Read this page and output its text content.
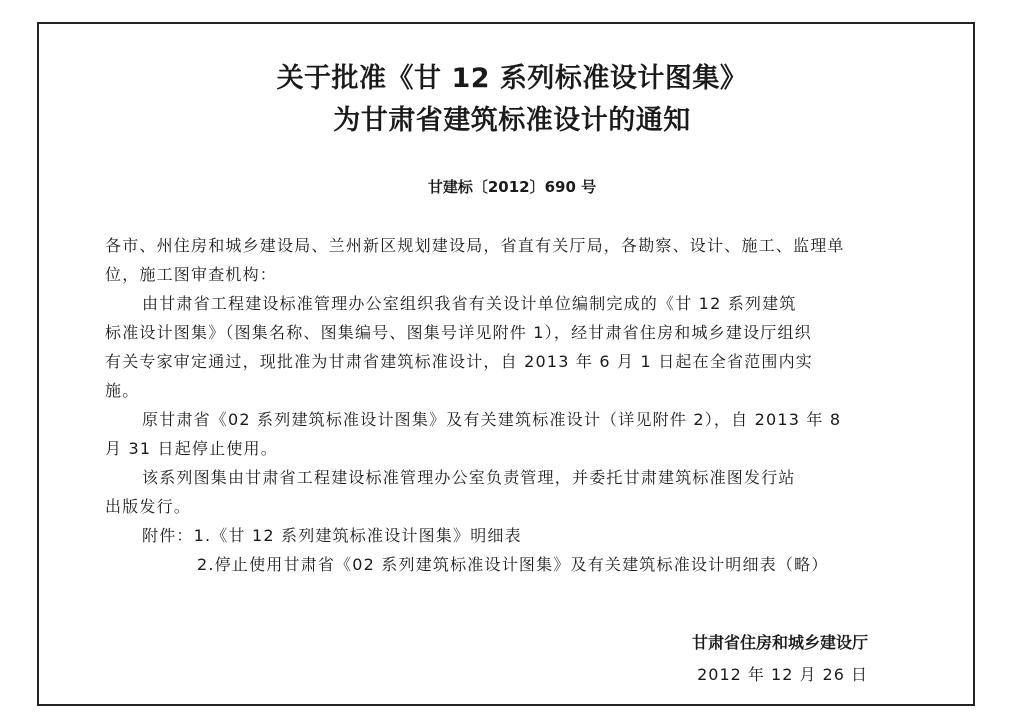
关于批准《甘 12 系列标准设计图集》
为甘肃省建筑标准设计的通知
甘建标〔2012〕690 号
各市、州住房和城乡建设局、兰州新区规划建设局，省直有关厅局，各勘察、设计、施工、监理单
位，施工图审查机构：
由甘肃省工程建设标准管理办公室组织我省有关设计单位编制完成的《甘 12 系列建筑
标准设计图集》（图集名称、图集编号、图集号详见附件 1），经甘肃省住房和城乡建设厅组织
有关专家审定通过，现批准为甘肃省建筑标准设计，自 2013 年 6 月 1 日起在全省范围内实
施。
原甘肃省《02 系列建筑标准设计图集》及有关建筑标准设计（详见附件 2），自 2013 年 8
月 31 日起停止使用。
该系列图集由甘肃省工程建设标准管理办公室负责管理，并委托甘肃建筑标准图发行站
出版发行。
附件：1.《甘 12 系列建筑标准设计图集》明细表
2.停止使用甘肃省《02 系列建筑标准设计图集》及有关建筑标准设计明细表（略）
甘肃省住房和城乡建设厅
2012 年 12 月 26 日
